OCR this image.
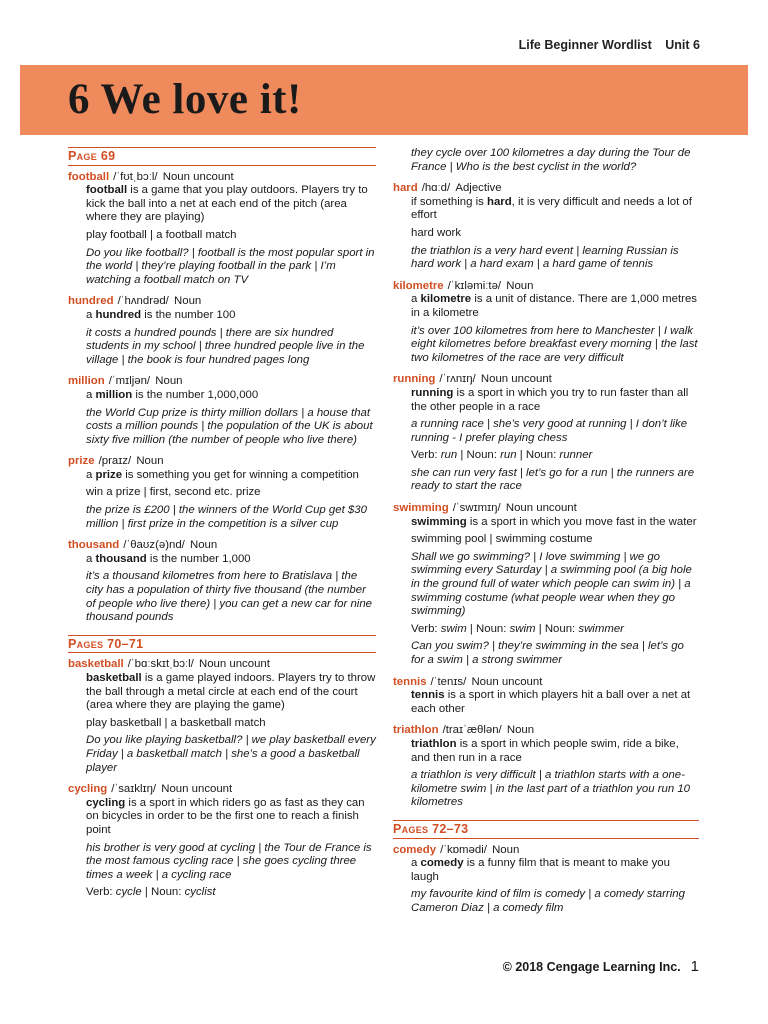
Life Beginner Wordlist Unit 6
6 We love it!
Page 69

football /ˈfʊtˌbɔːl/ Noun uncount

football is a game that you play outdoors. Players try to kick the ball into a net at each end of the pitch (area where they are playing)

play football | a football match

Do you like football? | football is the most popular sport in the world | they’re playing football in the park | I’m watching a football match on TV

hundred /ˈhʌndrəd/ Noun

a hundred is the number 100

it costs a hundred pounds | there are six hundred students in my school | three hundred people live in the village | the book is four hundred pages long

million /ˈmɪljən/ Noun

a million is the number 1,000,000

the World Cup prize is thirty million dollars | a house that costs a million pounds | the population of the UK is about sixty five million (the number of people who live there)

prize /praɪz/ Noun

a prize is something you get for winning a competition

win a prize | first, second etc. prize

the prize is £200 | the winners of the World Cup get $30 million | first prize in the competition is a silver cup

thousand /ˈθaʊz(ə)nd/ Noun

a thousand is the number 1,000

it’s a thousand kilometres from here to Bratislava | the city has a population of thirty five thousand (the number of people who live there) | you can get a new car for nine thousand pounds

Pages 70–71

basketball /ˈbɑːskɪtˌbɔːl/ Noun uncount

basketball is a game played indoors. Players try to throw the ball through a metal circle at each end of the court (area where they are playing the game)

play basketball | a basketball match

Do you like playing basketball? | we play basketball every Friday | a basketball match | she’s a good a basketball player

cycling /ˈsaɪklɪŋ/ Noun uncount

cycling is a sport in which riders go as fast as they can on bicycles in order to be the first one to reach a finish point

his brother is very good at cycling | the Tour de France is the most famous cycling race | she goes cycling three times a week | a cycling race

Verb: cycle | Noun: cyclist

they cycle over 100 kilometres a day during the Tour de France | Who is the best cyclist in the world?

hard /hɑːd/ Adjective

if something is hard, it is very difficult and needs a lot of effort

hard work

the triathlon is a very hard event | learning Russian is hard work | a hard exam | a hard game of tennis

kilometre /ˈkɪləmiːtə/ Noun

a kilometre is a unit of distance. There are 1,000 metres in a kilometre

it’s over 100 kilometres from here to Manchester | I walk eight kilometres before breakfast every morning | the last two kilometres of the race are very difficult

running /ˈrʌnɪŋ/ Noun uncount

running is a sport in which you try to run faster than all the other people in a race

a running race | she’s very good at running | I don’t like running - I prefer playing chess

Verb: run | Noun: run | Noun: runner

she can run very fast | let’s go for a run | the runners are ready to start the race

swimming /ˈswɪmɪŋ/ Noun uncount

swimming is a sport in which you move fast in the water

swimming pool | swimming costume

Shall we go swimming? | I love swimming | we go swimming every Saturday | a swimming pool (a big hole in the ground full of water which people can swim in) | a swimming costume (what people wear when they go swimming)

Verb: swim | Noun: swim | Noun: swimmer

Can you swim? | they’re swimming in the sea | let’s go for a swim | a strong swimmer

tennis /ˈtenɪs/ Noun uncount

tennis is a sport in which players hit a ball over a net at each other

triathlon /traɪˈæθlən/ Noun

triathlon is a sport in which people swim, ride a bike, and then run in a race

a triathlon is very difficult | a triathlon starts with a one-kilometre swim | in the last part of a triathlon you run 10 kilometres

Pages 72–73

comedy /ˈkɒmədi/ Noun

a comedy is a funny film that is meant to make you laugh

my favourite kind of film is comedy | a comedy starring Cameron Diaz | a comedy film

© 2018 Cengage Learning Inc. 1
